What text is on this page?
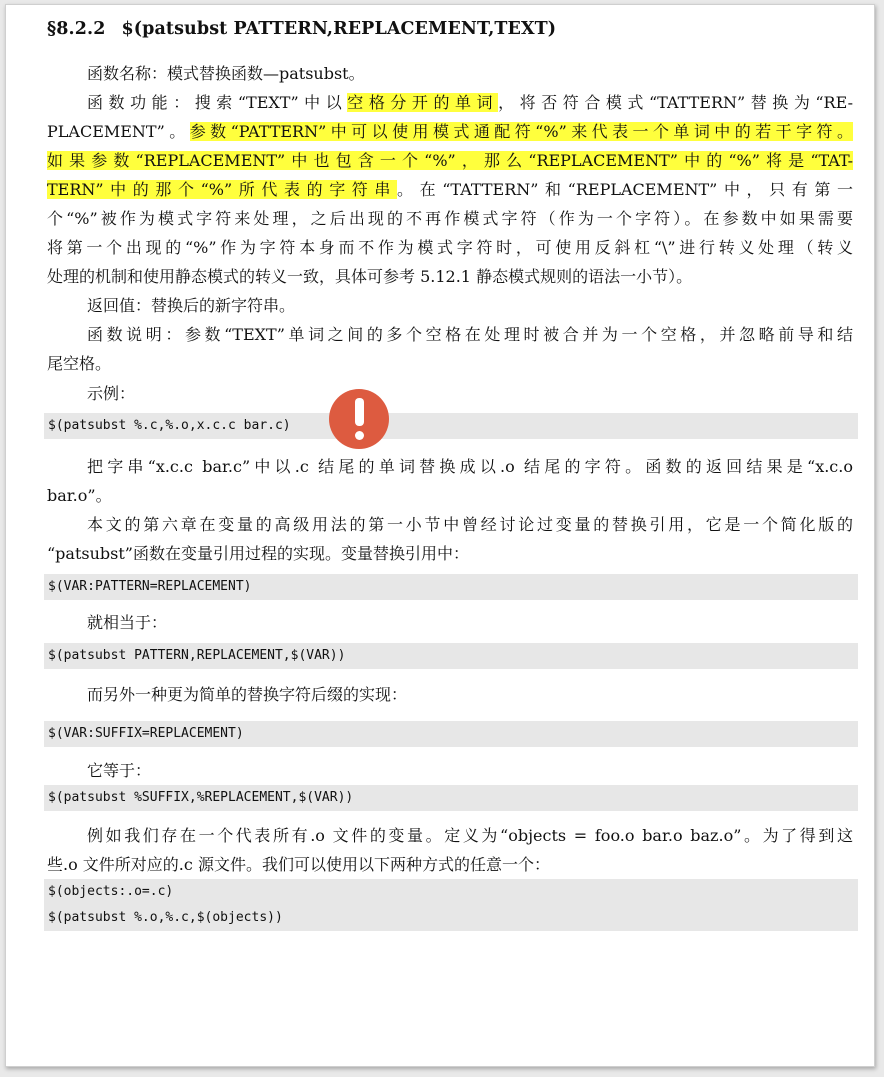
§8.2.2 $(patsubst PATTERN,REPLACEMENT,TEXT)
函数名称：模式替换函数—patsubst。
函数功能：搜索“TEXT”中以空格分开的单词，将否符合模式“TATTERN”替换为“RE-
PLACEMENT”。参数“PATTERN”中可以使用模式通配符“%”来代表一个单词中的若干字符。
如果参数“REPLACEMENT”中也包含一个“%”，那么“REPLACEMENT”中的“%”将是“TAT-
TERN”中的那个“%”所代表的字符串。在“TATTERN”和“REPLACEMENT”中，只有第一
个“%”被作为模式字符来处理，之后出现的不再作模式字符（作为一个字符）。在参数中如果需要
将第一个出现的“%”作为字符本身而不作为模式字符时，可使用反斜杠“\”进行转义处理（转义
处理的机制和使用静态模式的转义一致，具体可参考 5.12.1 静态模式规则的语法一小节）。
返回值：替换后的新字符串。
函数说明：参数“TEXT”单词之间的多个空格在处理时被合并为一个空格，并忽略前导和结
尾空格。
示例：
$(patsubst %.c,%.o,x.c.c bar.c)
把字串“x.c.c bar.c”中以.c 结尾的单词替换成以.o 结尾的字符。函数的返回结果是“x.c.o
bar.o”。
本文的第六章在变量的高级用法的第一小节中曾经讨论过变量的替换引用，它是一个简化版的
“patsubst”函数在变量引用过程的实现。变量替换引用中：
$(VAR:PATTERN=REPLACEMENT)
就相当于：
$(patsubst PATTERN,REPLACEMENT,$(VAR))
而另外一种更为简单的替换字符后缀的实现：
$(VAR:SUFFIX=REPLACEMENT)
它等于：
$(patsubst %SUFFIX,%REPLACEMENT,$(VAR))
例如我们存在一个代表所有.o 文件的变量。定义为“objects = foo.o bar.o baz.o”。为了得到这
些.o 文件所对应的.c 源文件。我们可以使用以下两种方式的任意一个：
$(objects:.o=.c)
$(patsubst %.o,%.c,$(objects))
